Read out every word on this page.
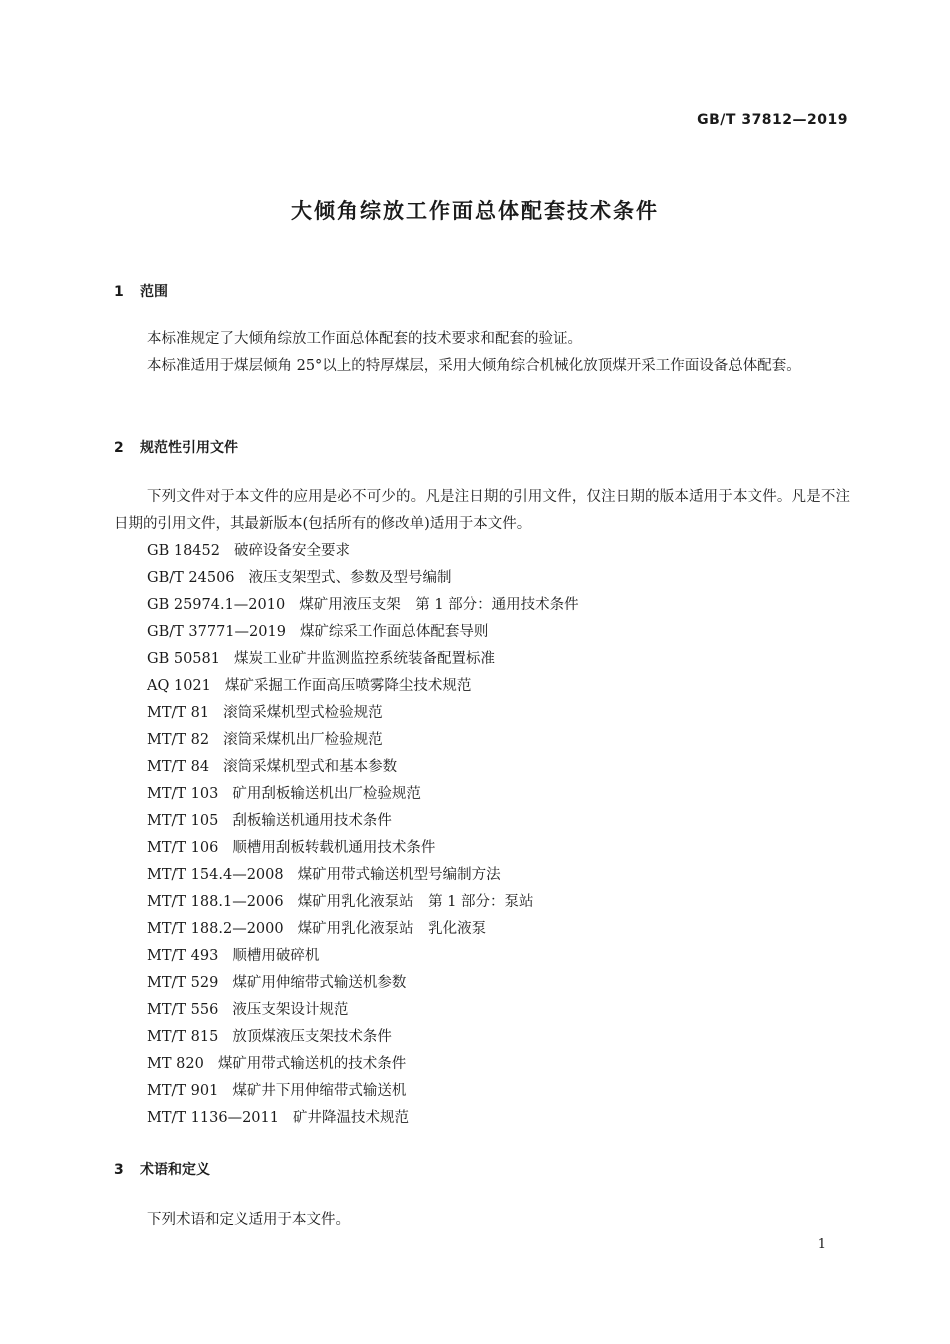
GB/T 37812—2019
大倾角综放工作面总体配套技术条件
1 范围

本标准规定了大倾角综放工作面总体配套的技术要求和配套的验证。

本标准适用于煤层倾角 25°以上的特厚煤层，采用大倾角综合机械化放顶煤开采工作面设备总体配套。

2 规范性引用文件

下列文件对于本文件的应用是必不可少的。凡是注日期的引用文件，仅注日期的版本适用于本文件。凡是不注日期的引用文件，其最新版本(包括所有的修改单)适用于本文件。

GB 18452 破碎设备安全要求
GB/T 24506 液压支架型式、参数及型号编制
GB 25974.1—2010 煤矿用液压支架　第 1 部分：通用技术条件
GB/T 37771—2019 煤矿综采工作面总体配套导则
GB 50581 煤炭工业矿井监测监控系统装备配置标准
AQ 1021 煤矿采掘工作面高压喷雾降尘技术规范
MT/T 81 滚筒采煤机型式检验规范
MT/T 82 滚筒采煤机出厂检验规范
MT/T 84 滚筒采煤机型式和基本参数
MT/T 103 矿用刮板输送机出厂检验规范
MT/T 105 刮板输送机通用技术条件
MT/T 106 顺槽用刮板转载机通用技术条件
MT/T 154.4—2008 煤矿用带式输送机型号编制方法
MT/T 188.1—2006 煤矿用乳化液泵站　第 1 部分：泵站
MT/T 188.2—2000 煤矿用乳化液泵站　乳化液泵
MT/T 493 顺槽用破碎机
MT/T 529 煤矿用伸缩带式输送机参数
MT/T 556 液压支架设计规范
MT/T 815 放顶煤液压支架技术条件
MT 820 煤矿用带式输送机的技术条件
MT/T 901 煤矿井下用伸缩带式输送机
MT/T 1136—2011 矿井降温技术规范
3 术语和定义

下列术语和定义适用于本文件。

1
